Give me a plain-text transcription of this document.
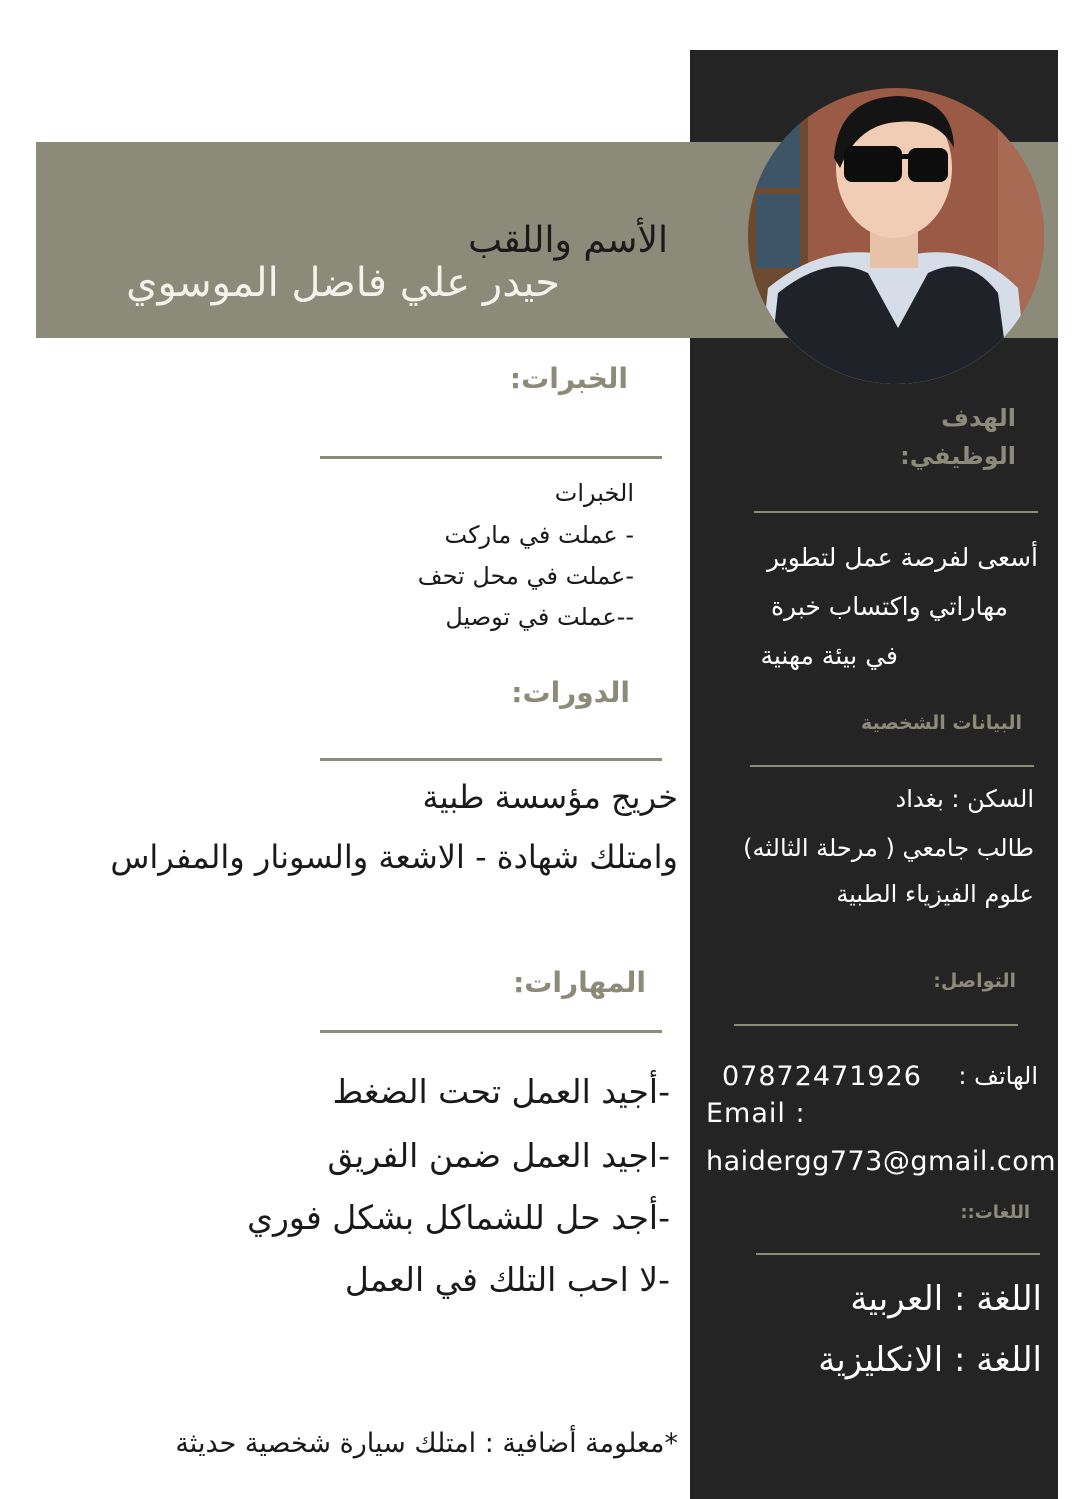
الأسم واللقب
حيدر علي فاضل الموسوي
الهدف
الوظيفي:
أسعى لفرصة عمل لتطوير
مهاراتي واكتساب خبرة
في بيئة مهنية
البيانات الشخصية
السكن : بغداد
طالب جامعي ( مرحلة الثالثه)
علوم الفيزياء الطبية
التواصل:
الهاتف :
07872471926
Email :
haidergg773@gmail.com
اللغات::
اللغة : العربية
اللغة : الانكليزية
الخبرات:
الخبرات
- عملت في ماركت
-عملت في محل تحف
--عملت في توصيل
الدورات:
خريج مؤسسة طبية
وامتلك شهادة - الاشعة والسونار والمفراس
المهارات:
-أجيد العمل تحت الضغط
-اجيد العمل ضمن الفريق
-أجد حل للشماكل بشكل فوري
-لا احب التلك في العمل
*معلومة أضافية : امتلك سيارة شخصية حديثة
